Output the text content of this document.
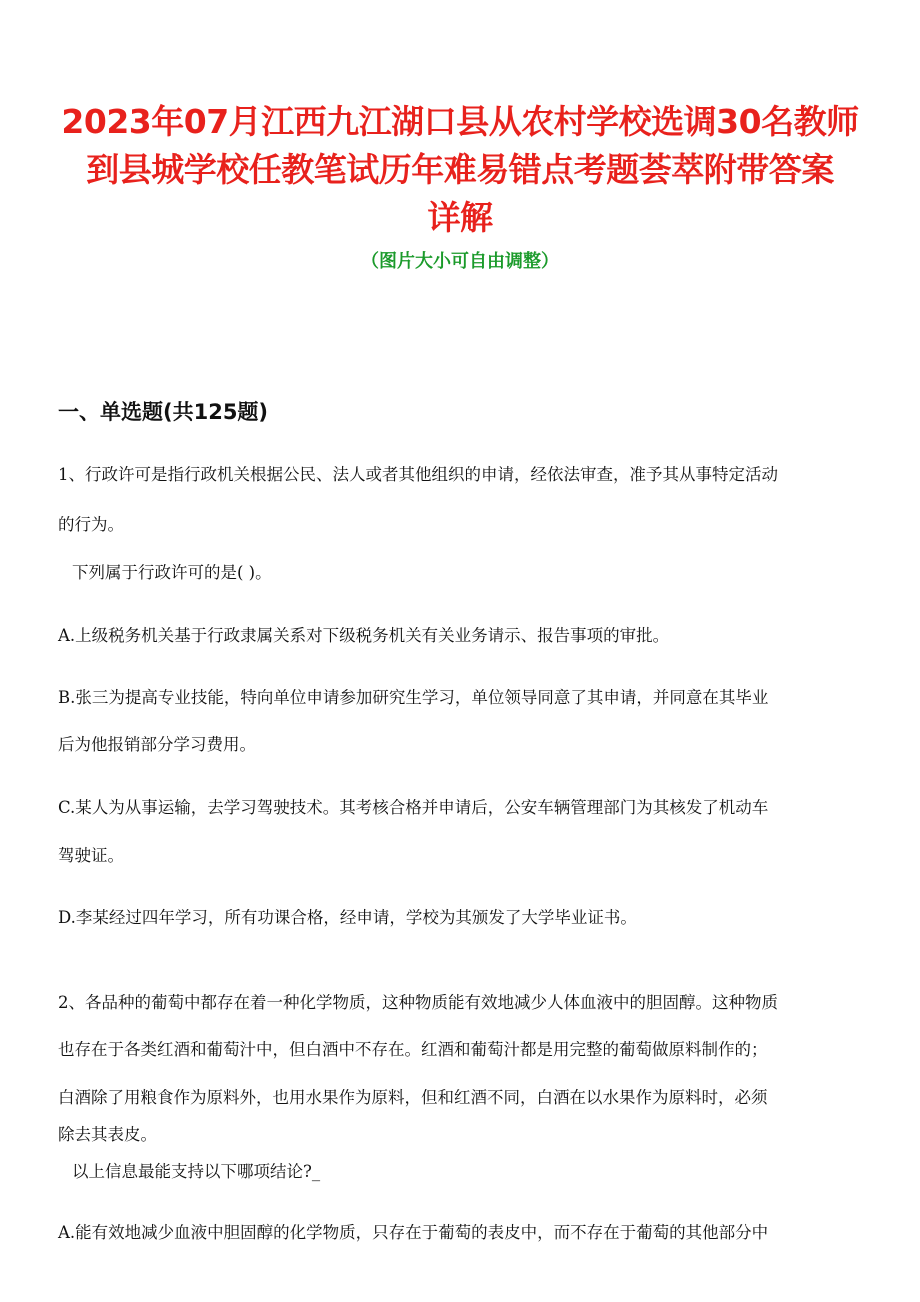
2023年07月江西九江湖口县从农村学校选调30名教师
到县城学校任教笔试历年难易错点考题荟萃附带答案
详解
（图片大小可自由调整）
一、单选题(共125题)
1、行政许可是指行政机关根据公民、法人或者其他组织的申请，经依法审查，准予其从事特定活动
的行为。
下列属于行政许可的是( )。
A.上级税务机关基于行政隶属关系对下级税务机关有关业务请示、报告事项的审批。
B.张三为提高专业技能，特向单位申请参加研究生学习，单位领导同意了其申请，并同意在其毕业
后为他报销部分学习费用。
C.某人为从事运输，去学习驾驶技术。其考核合格并申请后，公安车辆管理部门为其核发了机动车
驾驶证。
D.李某经过四年学习，所有功课合格，经申请，学校为其颁发了大学毕业证书。
2、各品种的葡萄中都存在着一种化学物质，这种物质能有效地减少人体血液中的胆固醇。这种物质
也存在于各类红酒和葡萄汁中，但白酒中不存在。红酒和葡萄汁都是用完整的葡萄做原料制作的；
白酒除了用粮食作为原料外，也用水果作为原料，但和红酒不同，白酒在以水果作为原料时，必须
除去其表皮。
以上信息最能支持以下哪项结论?_
A.能有效地减少血液中胆固醇的化学物质，只存在于葡萄的表皮中，而不存在于葡萄的其他部分中
